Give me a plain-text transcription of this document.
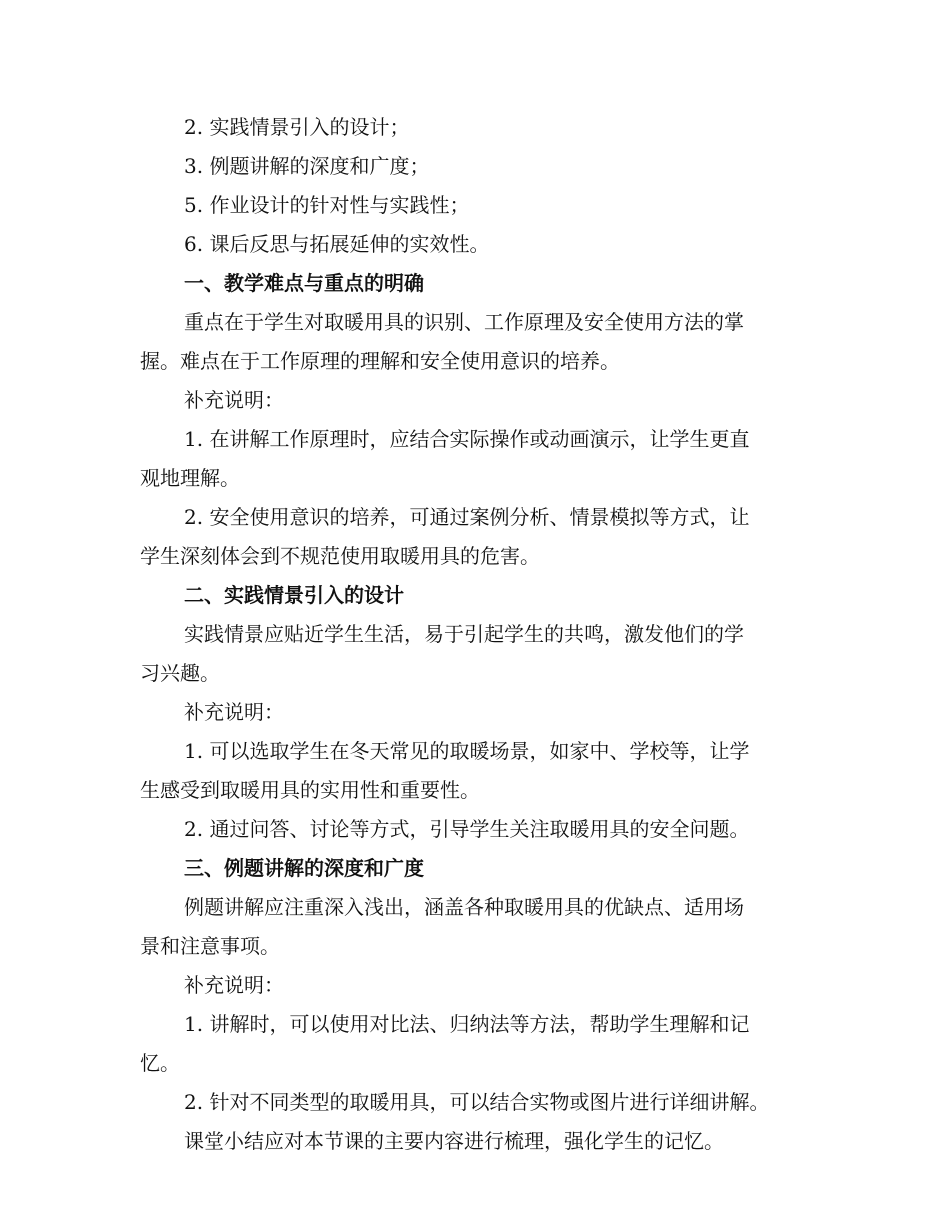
2. 实践情景引入的设计；
3. 例题讲解的深度和广度；
5. 作业设计的针对性与实践性；
6. 课后反思与拓展延伸的实效性。
一、教学难点与重点的明确
重点在于学生对取暖用具的识别、工作原理及安全使用方法的掌
握。难点在于工作原理的理解和安全使用意识的培养。
补充说明：
1. 在讲解工作原理时，应结合实际操作或动画演示，让学生更直
观地理解。
2. 安全使用意识的培养，可通过案例分析、情景模拟等方式，让
学生深刻体会到不规范使用取暖用具的危害。
二、实践情景引入的设计
实践情景应贴近学生生活，易于引起学生的共鸣，激发他们的学
习兴趣。
补充说明：
1. 可以选取学生在冬天常见的取暖场景，如家中、学校等，让学
生感受到取暖用具的实用性和重要性。
2. 通过问答、讨论等方式，引导学生关注取暖用具的安全问题。
三、例题讲解的深度和广度
例题讲解应注重深入浅出，涵盖各种取暖用具的优缺点、适用场
景和注意事项。
补充说明：
1. 讲解时，可以使用对比法、归纳法等方法，帮助学生理解和记
忆。
2. 针对不同类型的取暖用具，可以结合实物或图片进行详细讲解。
课堂小结应对本节课的主要内容进行梳理，强化学生的记忆。
